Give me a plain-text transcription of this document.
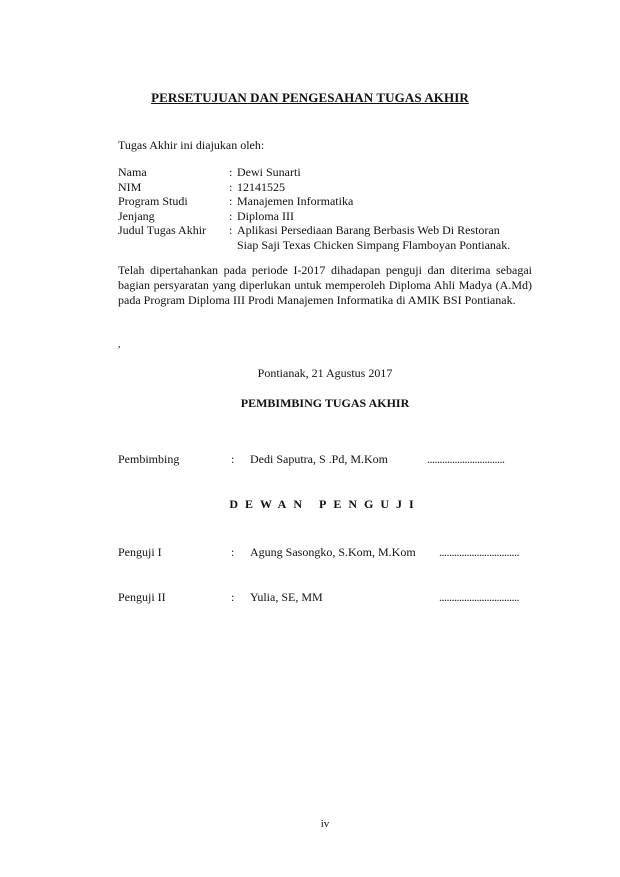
PERSETUJUAN DAN PENGESAHAN TUGAS AKHIR
Tugas Akhir ini diajukan oleh:
Nama	: Dewi Sunarti
NIM	: 12141525
Program Studi	: Manajemen Informatika
Jenjang	: Diploma III
Judul Tugas Akhir	: Aplikasi Persediaan Barang Berbasis Web Di Restoran
Siap Saji Texas Chicken Simpang Flamboyan Pontianak.
Telah dipertahankan pada periode I-2017 dihadapan penguji dan diterima sebagai bagian persyaratan yang diperlukan untuk memperoleh Diploma Ahli Madya (A.Md) pada Program Diploma III Prodi Manajemen Informatika di AMIK BSI Pontianak.
,
Pontianak, 21 Agustus 2017
PEMBIMBING TUGAS AKHIR
Pembimbing	: Dedi Saputra, S .Pd, M.Kom	...............................
DEWAN PENGUJI
Penguji I	: Agung Sasongko, S.Kom, M.Kom ................................
Penguji II	: Yulia, SE, MM	................................
iv
